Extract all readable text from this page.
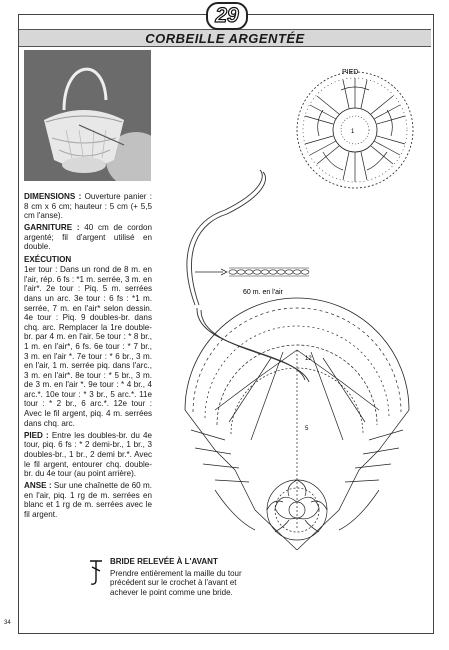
CORBEILLE ARGENTÉE
29

DIMENSIONS : Ouverture panier : 8 cm x 6 cm; hauteur : 5 cm (+ 5,5 cm l'anse).

GARNITURE : 40 cm de cordon argenté; fil d'argent utilisé en double.

EXÉCUTION

1er tour : Dans un rond de 8 m. en l'air, rép. 6 fs : *1 m. serrée, 3 m. en l'air*. 2e tour : Piq. 5 m. serrées dans un arc. 3e tour : 6 fs : *1 m. serrée, 7 m. en l'air* selon dessin. 4e tour : Piq. 9 doubles-br. dans chq. arc. Remplacer la 1re double-br. par 4 m. en l'air. 5e tour : * 8 br., 1 m. en l'air*, 6 fs. 6e tour : * 7 br., 3 m. en l'air *. 7e tour : * 6 br., 3 m. en l'air, 1 m. serrée piq. dans l'arc., 3 m. en l'air*. 8e tour : * 5 br., 3 m. de 3 m. en l'air *. 9e tour : * 4 br., 4 arc.*. 10e tour : * 3 br., 5 arc.*. 11e tour : * 2 br., 6 arc.*. 12e tour : Avec le fil argent, piq. 4 m. serrées dans chq. arc.

PIED : Entre les doubles-br. du 4e tour, piq. 6 fs : * 2 demi-br., 1 br., 3 doubles-br., 1 br., 2 demi br.*. Avec le fil argent, entourer chq. double-br. du 4e tour (au point arrière).

ANSE : Sur une chaînette de 60 m. en l'air, piq. 1 rg de m. serrées en blanc et 1 rg de m. serrées avec le fil argent.

PIED
1
60 m. en l'air
12
5
BRIDE RELEVÉE À L'AVANT
Prendre entièrement la maille du tour précédent sur le crochet à l'avant et achever le point comme une bride.
34
